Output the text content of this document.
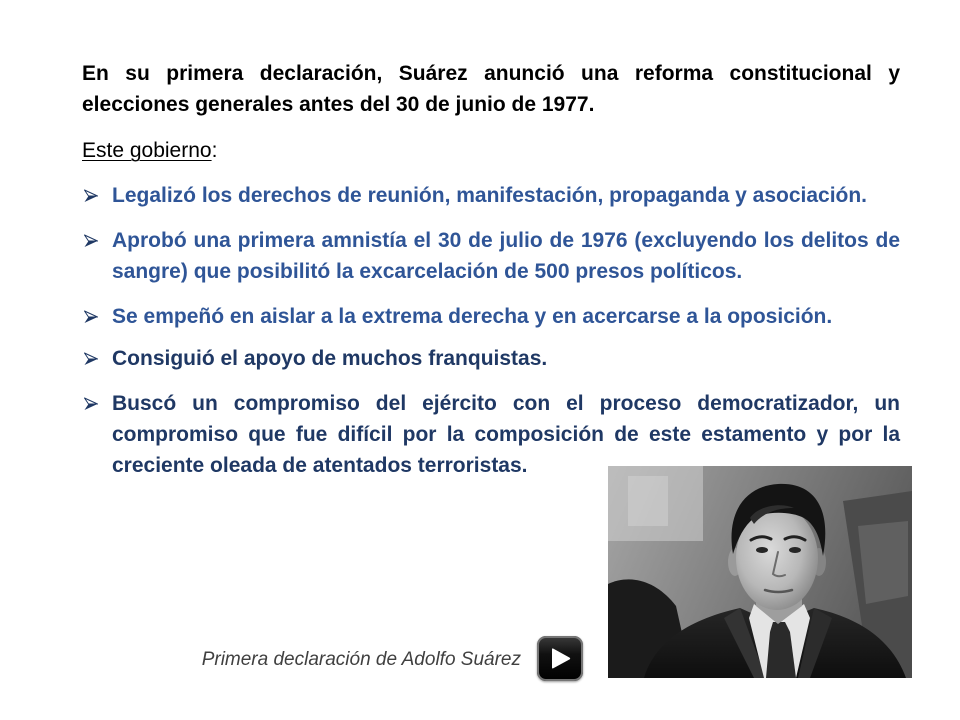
En su primera declaración, Suárez anunció una reforma constitucional y elecciones generales antes del 30 de junio de 1977.

Este gobierno:

Legalizó los derechos de reunión, manifestación, propaganda y asociación.

Aprobó una primera amnistía el 30 de julio de 1976 (excluyendo los delitos de sangre) que posibilitó la excarcelación de 500 presos políticos.

Se empeñó en aislar a la extrema derecha y en acercarse a la oposición.

Consiguió el apoyo de muchos franquistas.

Buscó un compromiso del ejército con el proceso democratizador, un compromiso que fue difícil por la composición de este estamento y por la creciente oleada de atentados terroristas.

Primera declaración de Adolfo Suárez
